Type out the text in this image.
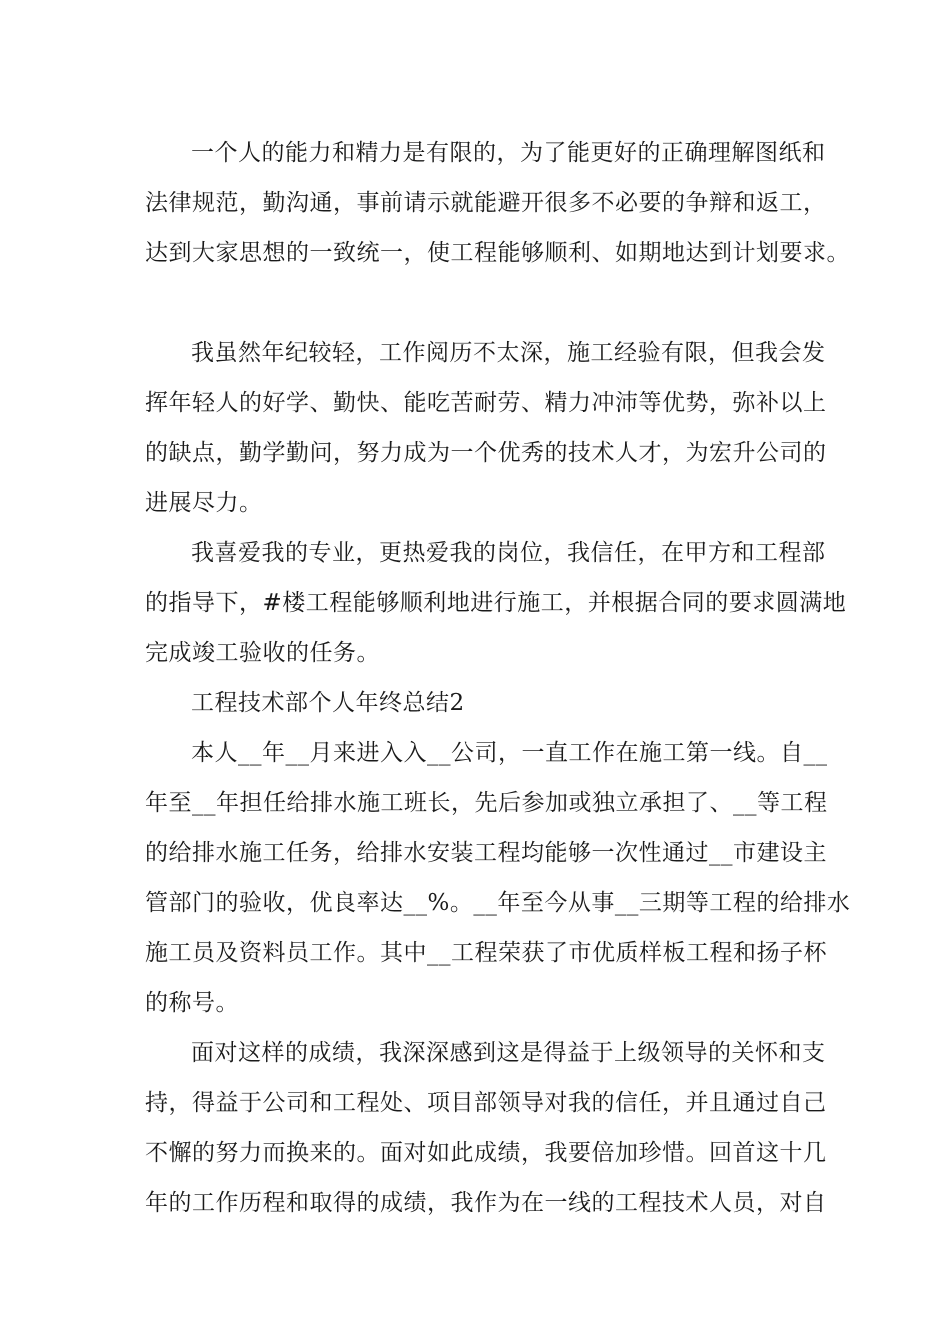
一个人的能力和精力是有限的，为了能更好的正确理解图纸和
法律规范，勤沟通，事前请示就能避开很多不必要的争辩和返工，
达到大家思想的一致统一，使工程能够顺利、如期地达到计划要求。
我虽然年纪较轻，工作阅历不太深，施工经验有限，但我会发
挥年轻人的好学、勤快、能吃苦耐劳、精力冲沛等优势，弥补以上
的缺点，勤学勤问，努力成为一个优秀的技术人才，为宏升公司的
进展尽力。
我喜爱我的专业，更热爱我的岗位，我信任，在甲方和工程部
的指导下，#楼工程能够顺利地进行施工，并根据合同的要求圆满地
完成竣工验收的任务。
工程技术部个人年终总结2
本人__年__月来进入入__公司，一直工作在施工第一线。自__
年至__年担任给排水施工班长，先后参加或独立承担了、__等工程
的给排水施工任务，给排水安装工程均能够一次性通过__市建设主
管部门的验收，优良率达__%。__年至今从事__三期等工程的给排水
施工员及资料员工作。其中__工程荣获了市优质样板工程和扬子杯
的称号。
面对这样的成绩，我深深感到这是得益于上级领导的关怀和支
持，得益于公司和工程处、项目部领导对我的信任，并且通过自己
不懈的努力而换来的。面对如此成绩，我要倍加珍惜。回首这十几
年的工作历程和取得的成绩，我作为在一线的工程技术人员，对自
